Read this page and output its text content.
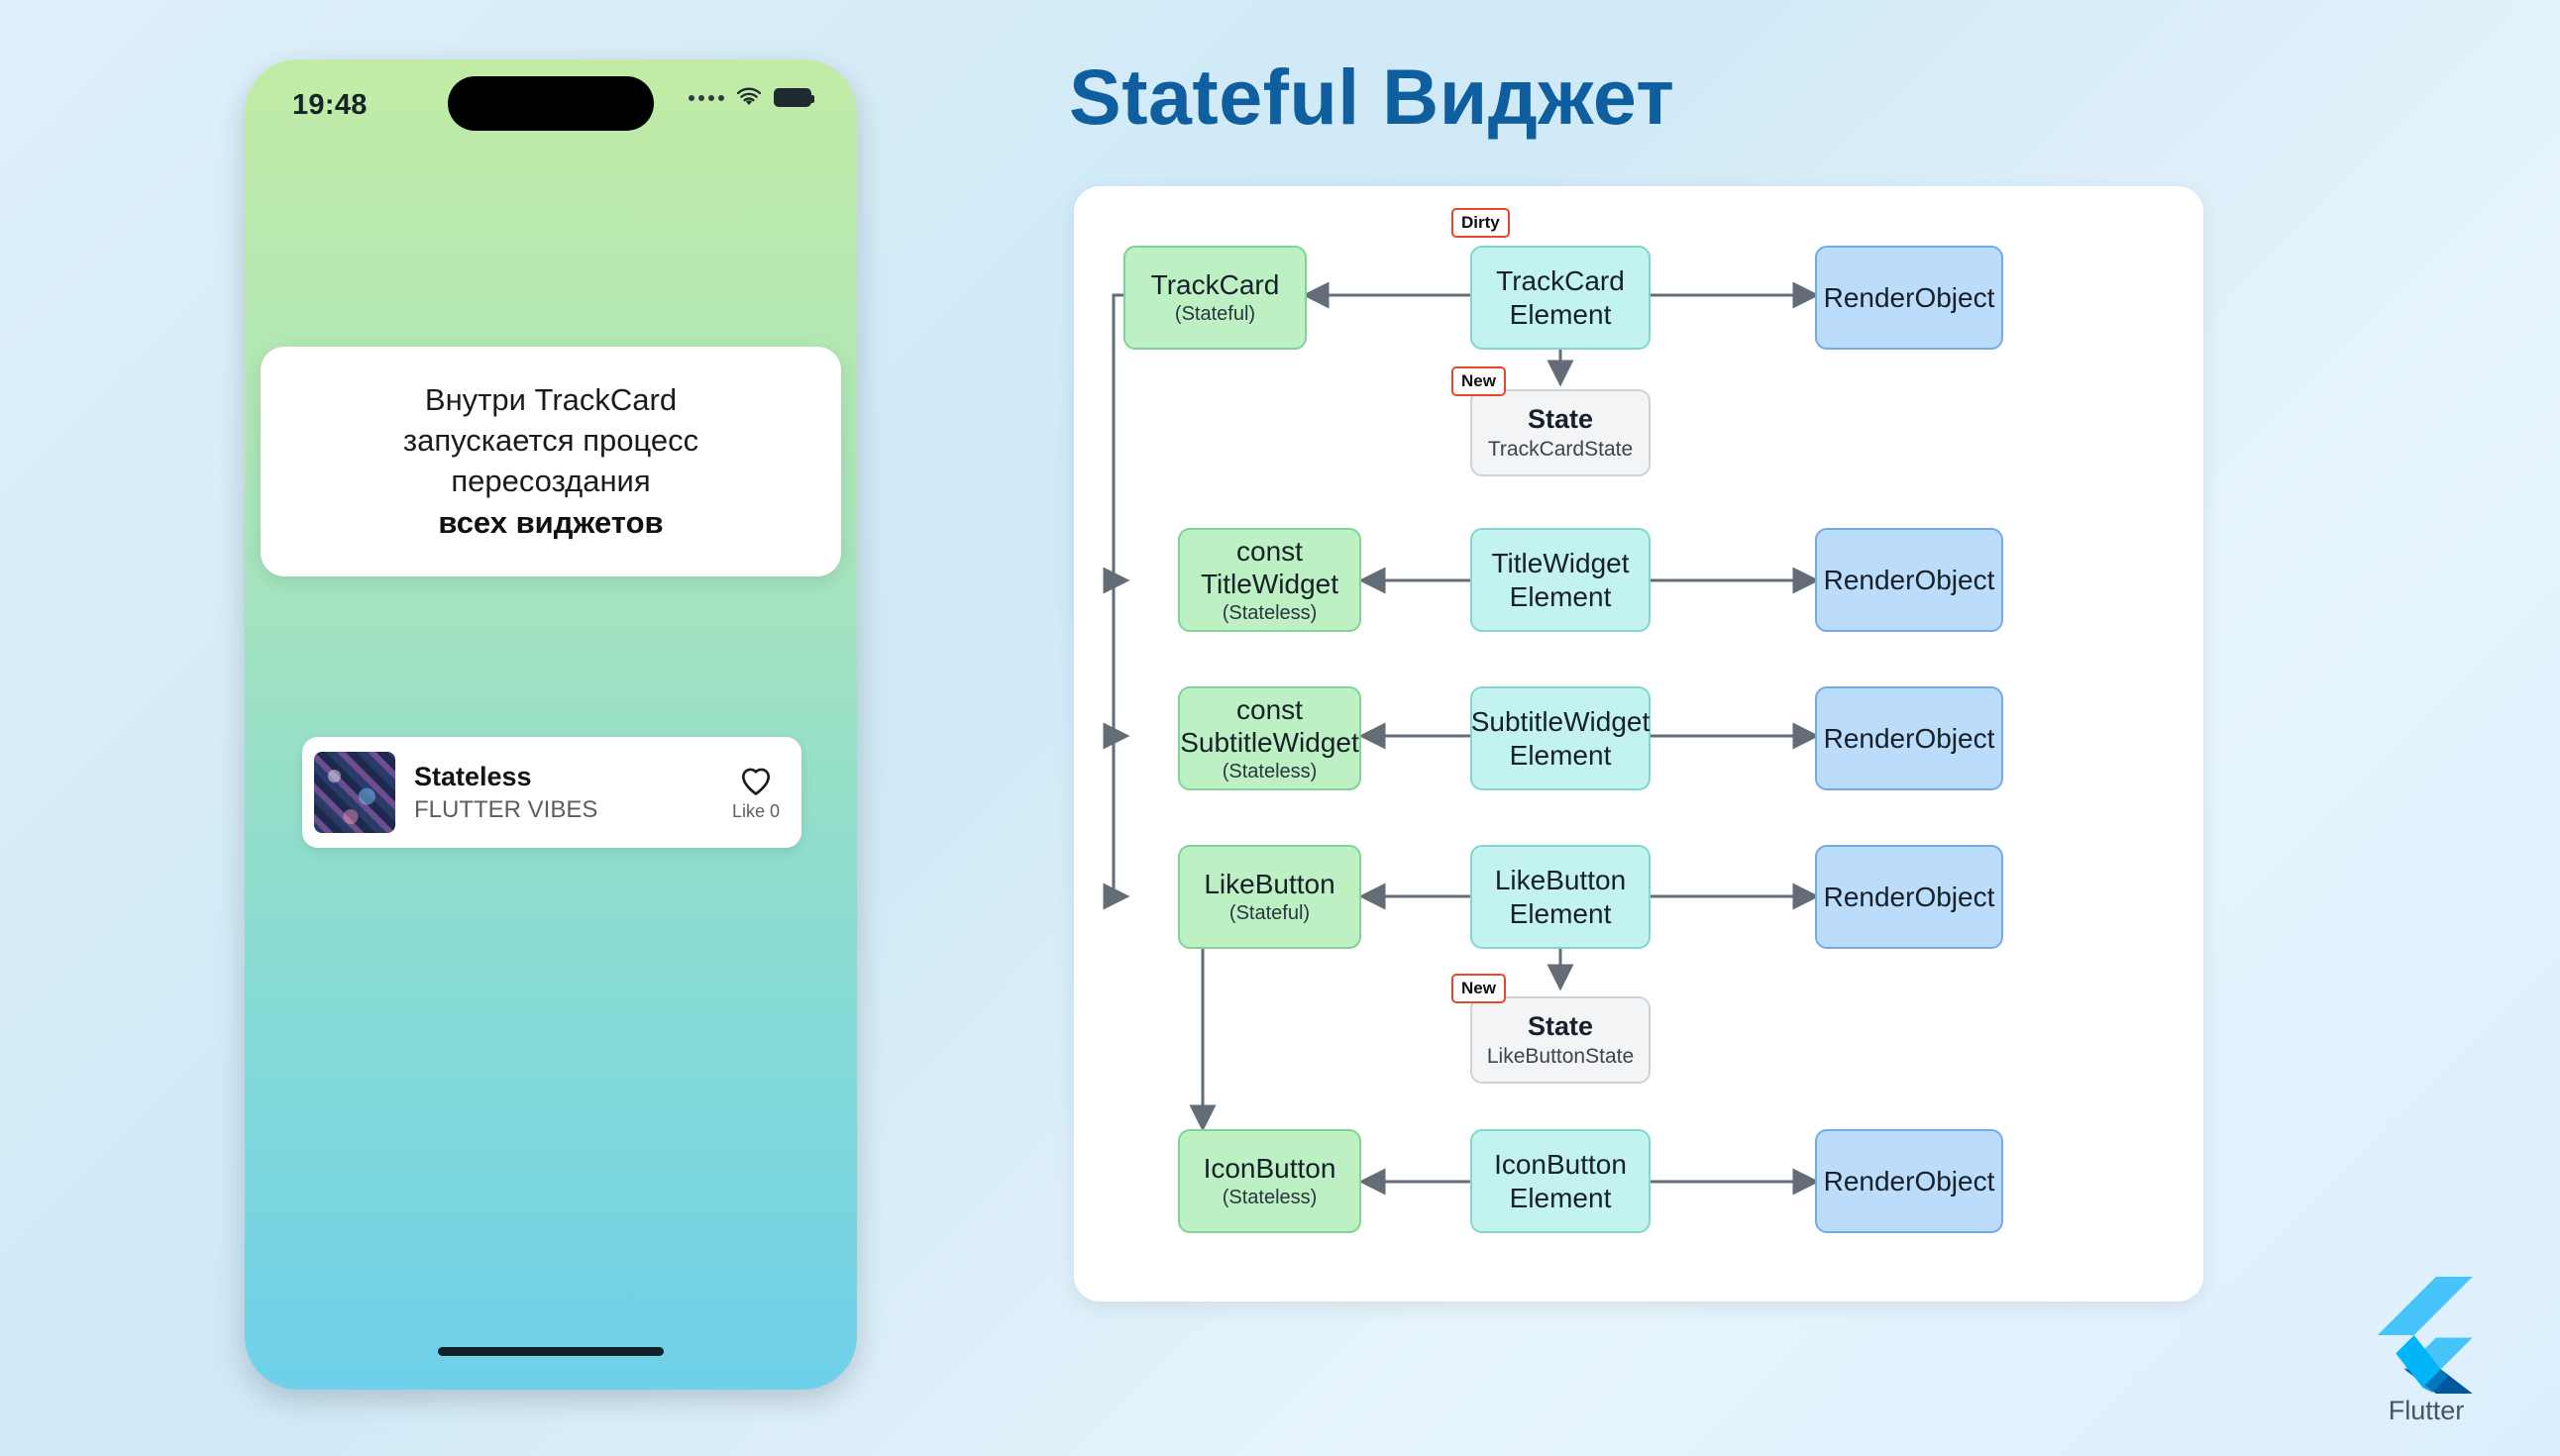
19:48
Внутри TrackCard
запускается процесс
пересоздания
всех виджетов
Stateless
FLUTTER VIBES	Like 0
Stateful Виджет
TrackCard
(Stateful)
TrackCard
Element
RenderObject
Dirty
State
TrackCardState
New
const
TitleWidget
(Stateless)
TitleWidget
Element
RenderObject
const
SubtitleWidget
(Stateless)
SubtitleWidget
Element
RenderObject
LikeButton
(Stateful)
LikeButton
Element
RenderObject
State
LikeButtonState
New
IconButton
(Stateless)
IconButton
Element
RenderObject
Flutter
